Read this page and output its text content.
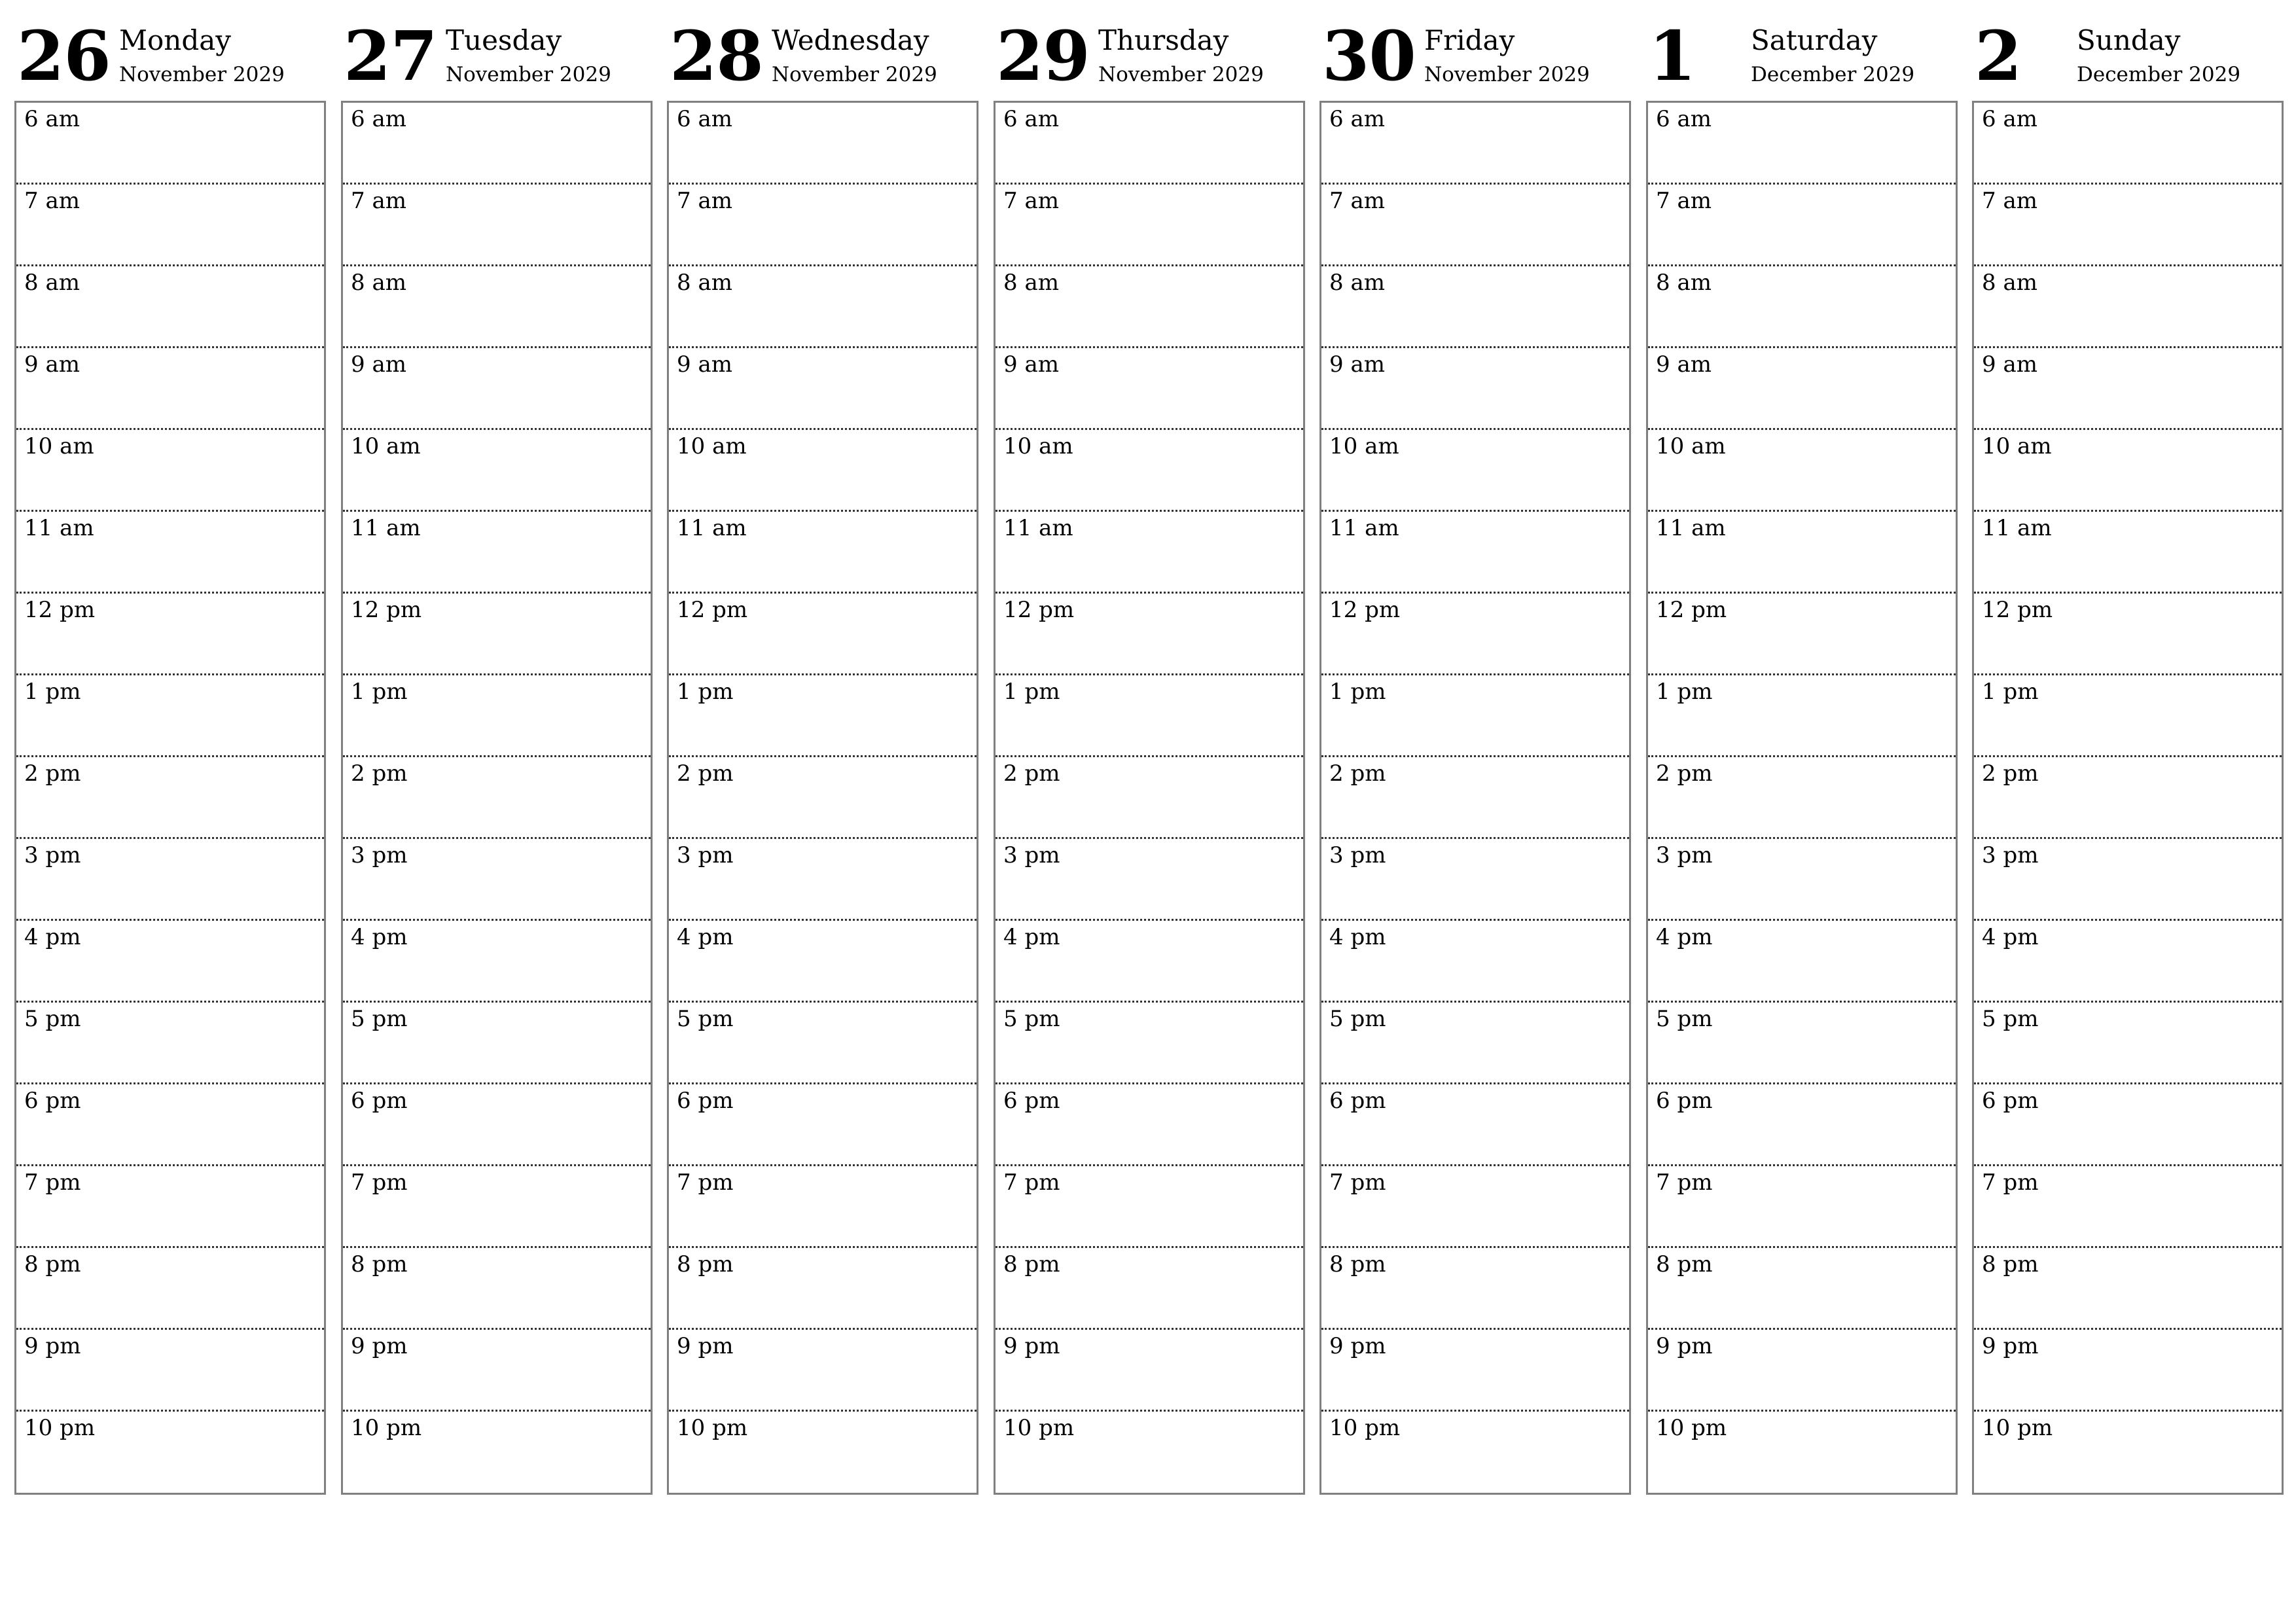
26 Monday
November 2029
6 am
7 am
8 am
9 am
10 am
11 am
12 pm
1 pm
2 pm
3 pm
4 pm
5 pm
6 pm
7 pm
8 pm
9 pm
10 pm
27 Tuesday
November 2029
6 am
7 am
8 am
9 am
10 am
11 am
12 pm
1 pm
2 pm
3 pm
4 pm
5 pm
6 pm
7 pm
8 pm
9 pm
10 pm
28 Wednesday
November 2029
6 am
7 am
8 am
9 am
10 am
11 am
12 pm
1 pm
2 pm
3 pm
4 pm
5 pm
6 pm
7 pm
8 pm
9 pm
10 pm
29 Thursday
November 2029
6 am
7 am
8 am
9 am
10 am
11 am
12 pm
1 pm
2 pm
3 pm
4 pm
5 pm
6 pm
7 pm
8 pm
9 pm
10 pm
30 Friday
November 2029
6 am
7 am
8 am
9 am
10 am
11 am
12 pm
1 pm
2 pm
3 pm
4 pm
5 pm
6 pm
7 pm
8 pm
9 pm
10 pm
1 Saturday
December 2029
6 am
7 am
8 am
9 am
10 am
11 am
12 pm
1 pm
2 pm
3 pm
4 pm
5 pm
6 pm
7 pm
8 pm
9 pm
10 pm
2 Sunday
December 2029
6 am
7 am
8 am
9 am
10 am
11 am
12 pm
1 pm
2 pm
3 pm
4 pm
5 pm
6 pm
7 pm
8 pm
9 pm
10 pm
